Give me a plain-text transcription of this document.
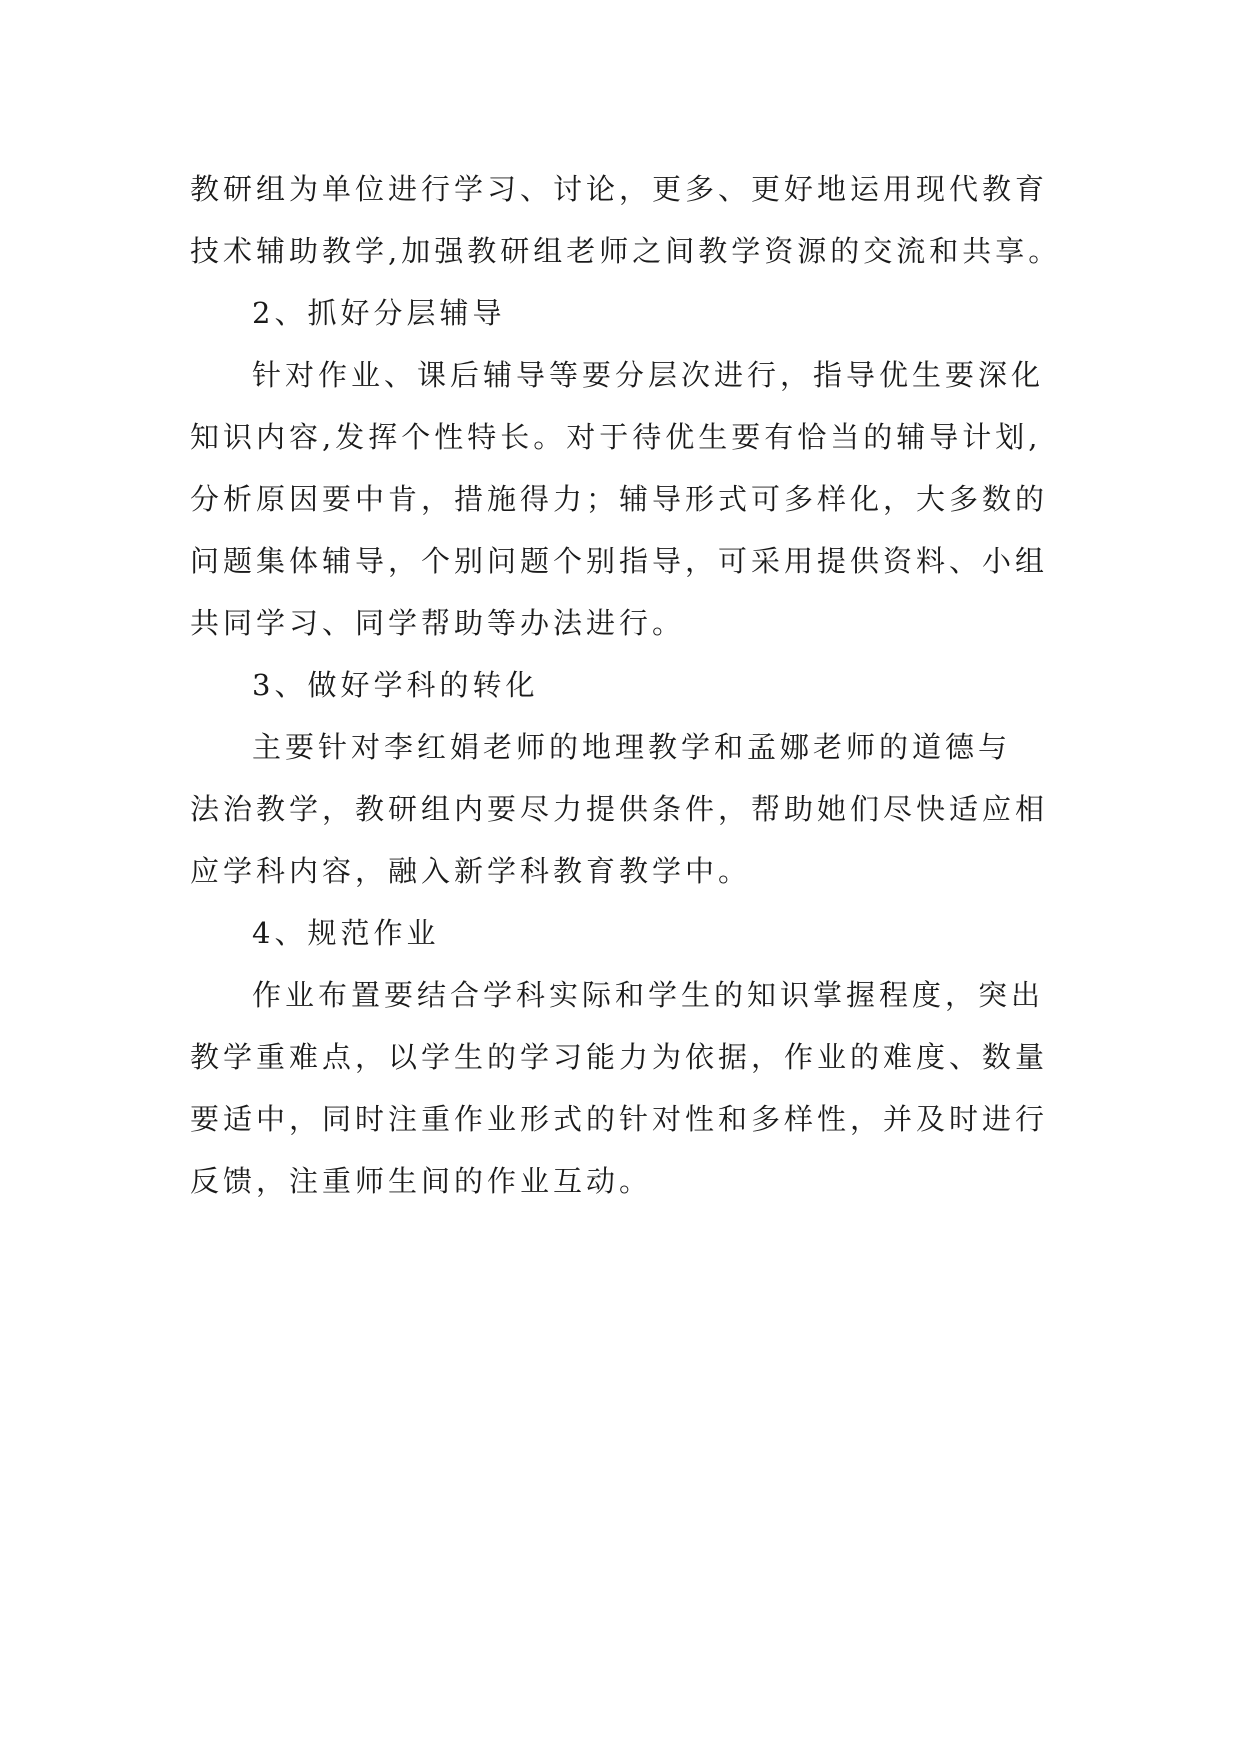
教研组为单位进行学习、讨论，更多、更好地运用现代教育
技术辅助教学,加强教研组老师之间教学资源的交流和共享。
2、抓好分层辅导
针对作业、课后辅导等要分层次进行，指导优生要深化
知识内容,发挥个性特长。对于待优生要有恰当的辅导计划,
分析原因要中肯，措施得力；辅导形式可多样化，大多数的
问题集体辅导，个别问题个别指导，可采用提供资料、小组
共同学习、同学帮助等办法进行。
3、做好学科的转化
主要针对李红娟老师的地理教学和孟娜老师的道德与
法治教学，教研组内要尽力提供条件，帮助她们尽快适应相
应学科内容，融入新学科教育教学中。
4、规范作业
作业布置要结合学科实际和学生的知识掌握程度，突出
教学重难点，以学生的学习能力为依据，作业的难度、数量
要适中，同时注重作业形式的针对性和多样性，并及时进行
反馈，注重师生间的作业互动。
